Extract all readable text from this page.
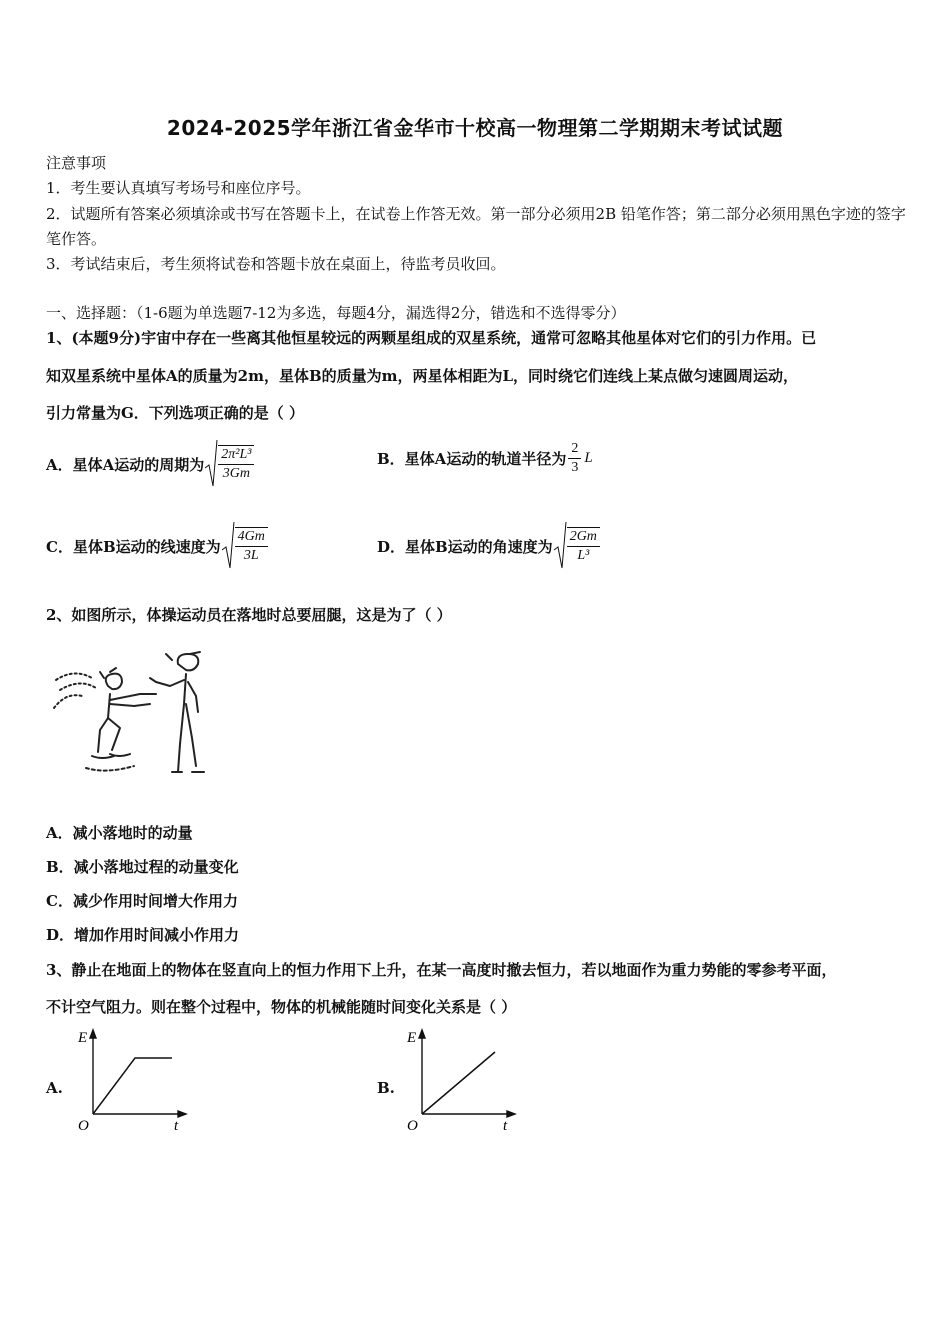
2024-2025学年浙江省金华市十校高一物理第二学期期末考试试题
注意事项
1．考生要认真填写考场号和座位序号。
2．试题所有答案必须填涂或书写在答题卡上，在试卷上作答无效。第一部分必须用2B 铅笔作答；第二部分必须用黑色字迹的签字笔作答。
3．考试结束后，考生须将试卷和答题卡放在桌面上，待监考员收回。
一、选择题：（1-6题为单选题7-12为多选，每题4分，漏选得2分，错选和不选得零分）
1、(本题9分)宇宙中存在一些离其他恒星较远的两颗星组成的双星系统，通常可忽略其他星体对它们的引力作用。已
知双星系统中星体A的质量为2m，星体B的质量为m，两星体相距为L，同时绕它们连线上某点做匀速圆周运动，
引力常量为G．下列选项正确的是（ ）
A．星体A运动的周期为 $\frac{\text{2π²L³}}{3Gm}$	B．星体A运动的轨道半径为 $\frac{2}{3}$ L
C．星体B运动的线速度为 $\frac{4Gm}{3L}$	D．星体B运动的角速度为 $\frac{2Gm}{\text{L³}}$
2、如图所示，体操运动员在落地时总要屈腿，这是为了（ ）
A．减小落地时的动量
B．减小落地过程的动量变化
C．减少作用时间增大作用力
D．增加作用时间减小作用力
3、静止在地面上的物体在竖直向上的恒力作用下上升，在某一高度时撤去恒力，若以地面作为重力势能的零参考平面，
不计空气阻力。则在整个过程中，物体的机械能随时间变化关系是（ ）
A.
E
O	t
B.
E
O	t
